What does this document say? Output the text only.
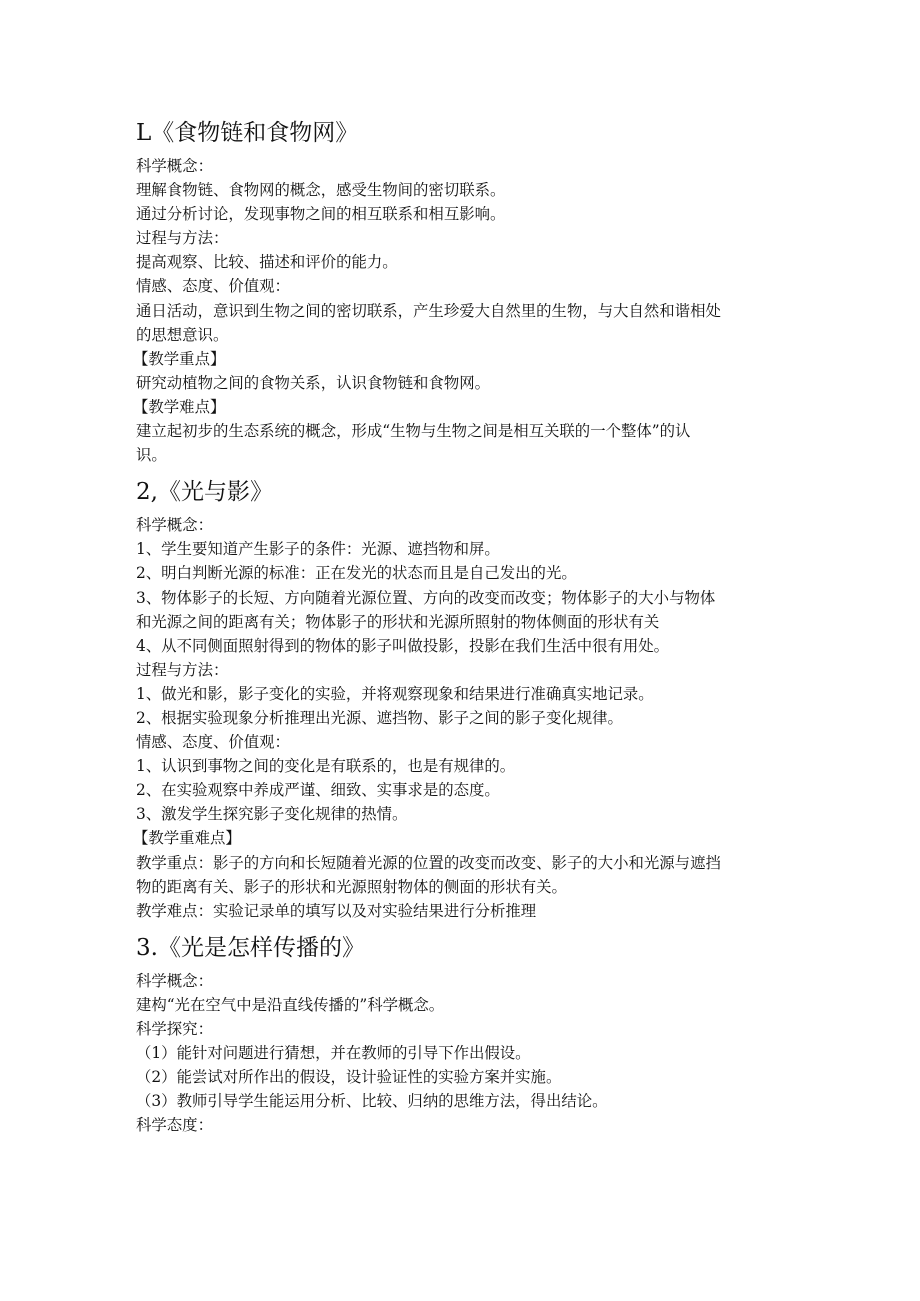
L《食物链和食物网》

科学概念：

理解食物链、食物网的概念，感受生物间的密切联系。

通过分析讨论，发现事物之间的相互联系和相互影响。

过程与方法：

提高观察、比较、描述和评价的能力。

情感、态度、价值观：

通日活动，意识到生物之间的密切联系，产生珍爱大自然里的生物，与大自然和谐相处

的思想意识。

【教学重点】

研究动植物之间的食物关系，认识食物链和食物网。

【教学难点】

建立起初步的生态系统的概念，形成“生物与生物之间是相互关联的一个整体”的认

识。

2,《光与影》

科学概念：

1、学生要知道产生影子的条件：光源、遮挡物和屏。

2、明白判断光源的标准：正在发光的状态而且是自己发出的光。

3、物体影子的长短、方向随着光源位置、方向的改变而改变；物体影子的大小与物体

和光源之间的距离有关；物体影子的形状和光源所照射的物体侧面的形状有关

4、从不同侧面照射得到的物体的影子叫做投影，投影在我们生活中很有用处。

过程与方法：

1、做光和影，影子变化的实验，并将观察现象和结果进行准确真实地记录。

2、根据实验现象分析推理出光源、遮挡物、影子之间的影子变化规律。

情感、态度、价值观：

1、认识到事物之间的变化是有联系的，也是有规律的。

2、在实验观察中养成严谨、细致、实事求是的态度。

3、激发学生探究影子变化规律的热情。

【教学重难点】

教学重点：影子的方向和长短随着光源的位置的改变而改变、影子的大小和光源与遮挡

物的距离有关、影子的形状和光源照射物体的侧面的形状有关。

教学难点：实验记录单的填写以及对实验结果进行分析推理

3.《光是怎样传播的》

科学概念：

建构“光在空气中是沿直线传播的”科学概念。

科学探究：

（1）能针对问题进行猜想，并在教师的引导下作出假设。

（2）能尝试对所作出的假设，设计验证性的实验方案并实施。

（3）教师引导学生能运用分析、比较、归纳的思维方法，得出结论。

科学态度：
